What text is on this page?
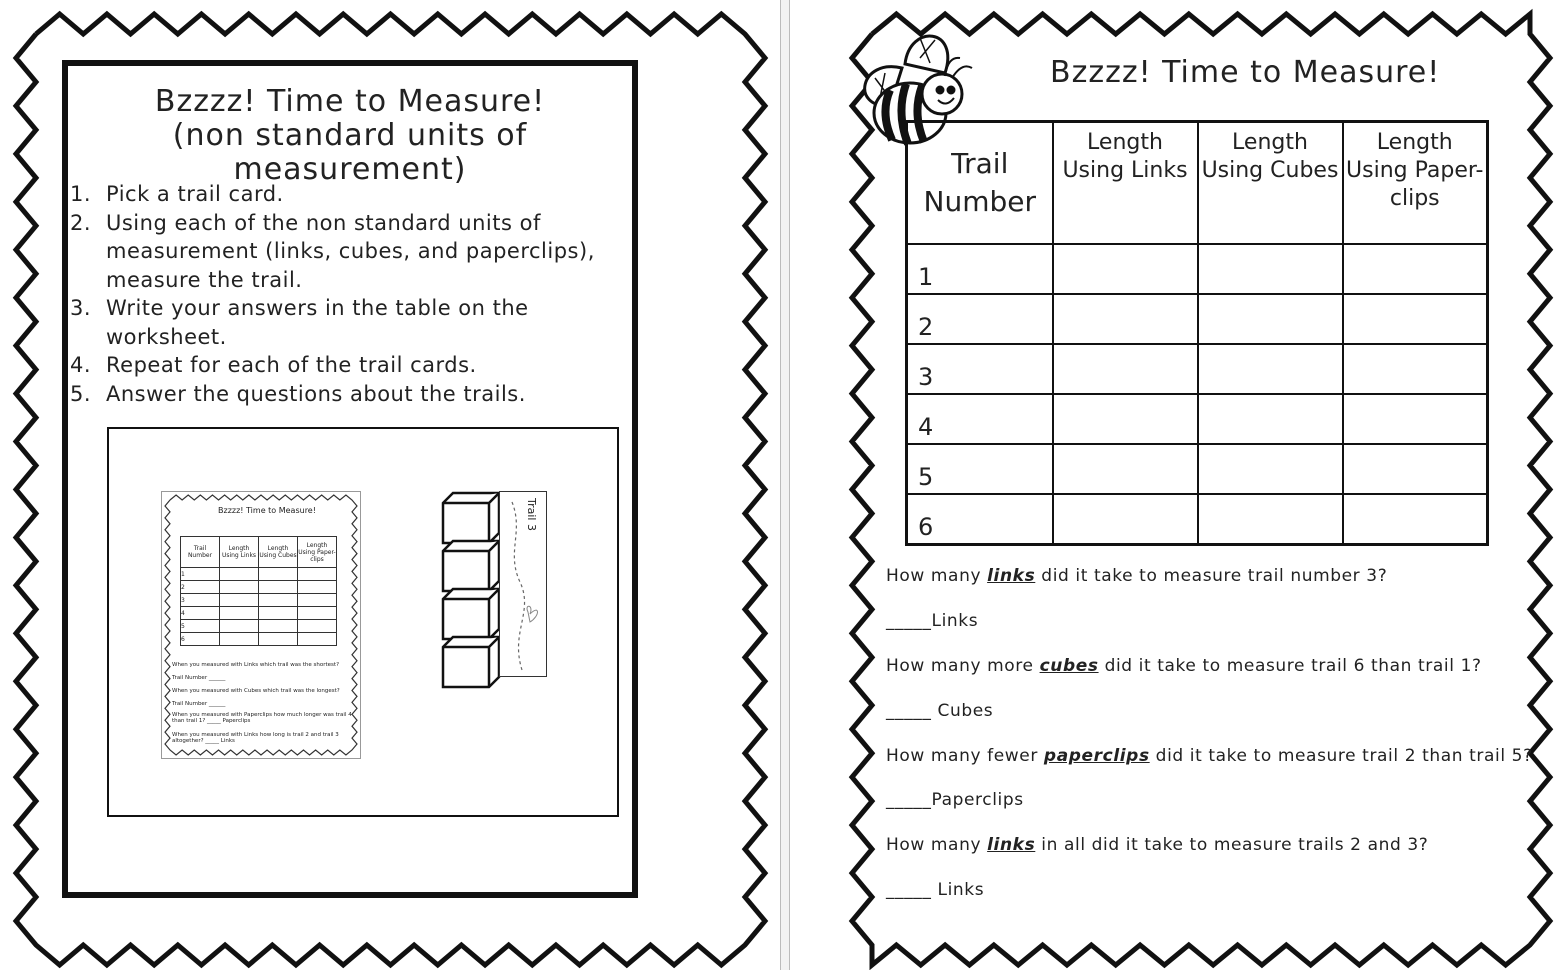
Bzzzz! Time to Measure!
(non standard units of measurement)
1. Pick a trail card.
2. Using each of the non standard units of measurement (links, cubes, and paperclips), measure the trail.
3. Write your answers in the table on the worksheet.
4. Repeat for each of the trail cards.
5. Answer the questions about the trails.
Bzzzz! Time to Measure!
Trail Number	Length Using Links	Length Using Cubes	Length Using Paper-clips
1			
2			
3			
4			
5			
6			
When you measured with Links which trail was the shortest?
Trail Number ______
When you measured with Cubes which trail was the longest?
Trail Number ______
When you measured with Paperclips how much longer was trail 4 than trail 1? _____ Paperclips
When you measured with Links how long is trail 2 and trail 3 altogether? _____ Links
Trail 3
Bzzzz! Time to Measure!
Trail Number	Length Using Links	Length Using Cubes	Length Using Paper-clips
1			
2			
3			
4			
5			
6			
How many links did it take to measure trail number 3?
_____Links
How many more cubes did it take to measure trail 6 than trail 1?
_____ Cubes
How many fewer paperclips did it take to measure trail 2 than trail 5?
_____Paperclips
How many links in all did it take to measure trails 2 and 3?
_____ Links
